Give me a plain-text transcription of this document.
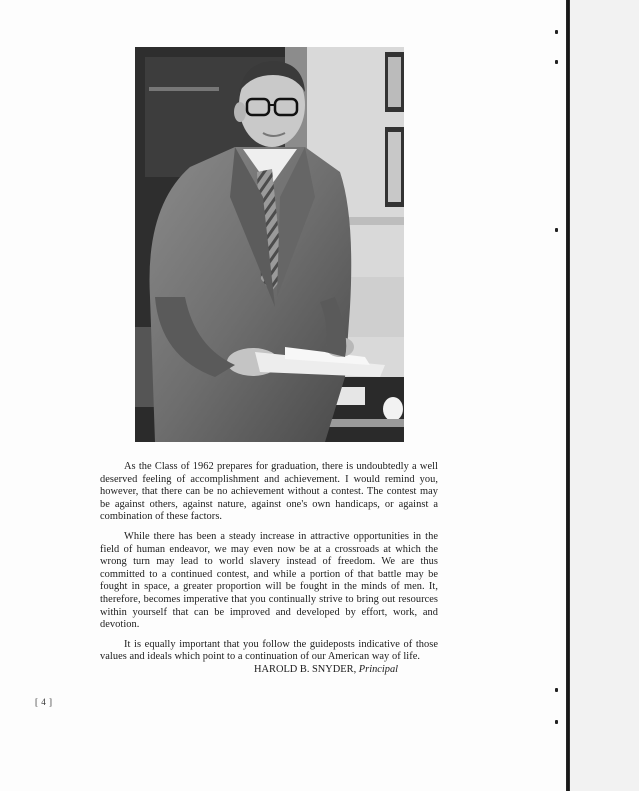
As the Class of 1962 prepares for graduation, there is undoubtedly a well deserved feeling of accomplishment and achievement. I would remind you, however, that there can be no achievement without a contest. The contest may be against others, against nature, against one's own handicaps, or against a combination of these factors.

While there has been a steady increase in attractive opportunities in the field of human endeavor, we may even now be at a crossroads at which the wrong turn may lead to world slavery instead of freedom. We are thus committed to a continued contest, and while a portion of that battle may be fought in space, a greater proportion will be fought in the minds of men. It, therefore, becomes imperative that you continually strive to bring out resources within yourself that can be improved and developed by effort, work, and devotion.

It is equally important that you follow the guideposts indicative of those values and ideals which point to a continuation of our American way of life.

HAROLD B. SNYDER, Principal
[ 4 ]
